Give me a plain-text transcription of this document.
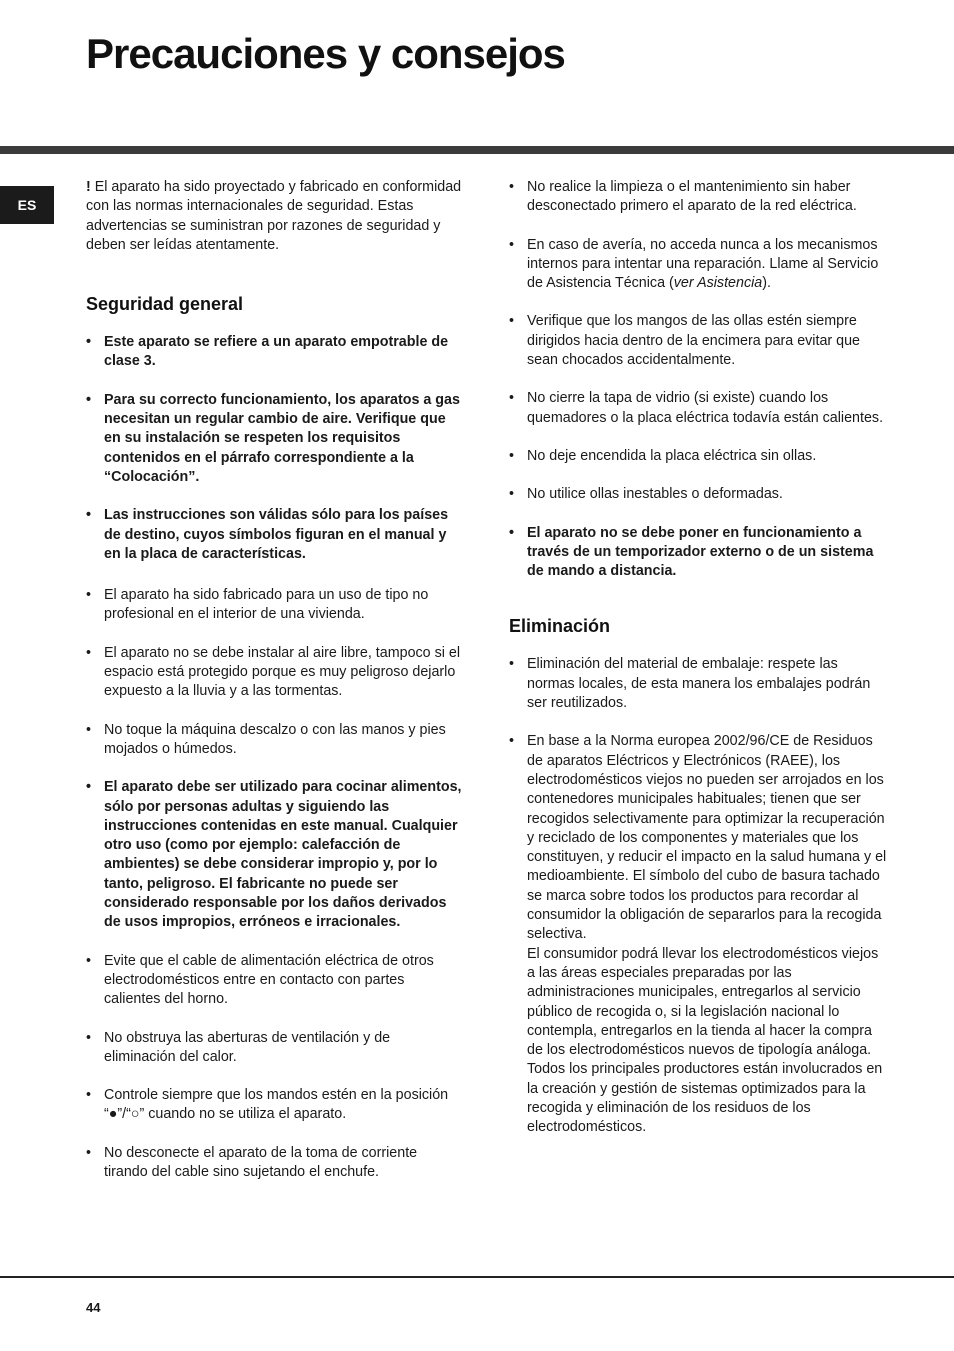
Precauciones y consejos
ES

! El aparato ha sido proyectado y fabricado en conformidad con las normas internacionales de seguridad. Estas advertencias se suministran por razones de seguridad y deben ser leídas atentamente.

Seguridad general
• Este aparato se refiere a un aparato empotrable de clase 3.
• Para su correcto funcionamiento, los aparatos a gas necesitan un regular cambio de aire. Verifique que en su instalación se respeten los requisitos contenidos en el párrafo correspondiente a la “Colocación”.
• Las instrucciones son válidas sólo para los países de destino, cuyos símbolos figuran en el manual y en la placa de características.
• El aparato ha sido fabricado para un uso de tipo no profesional en el interior de una vivienda.
• El aparato no se debe instalar al aire libre, tampoco si el espacio está protegido porque es muy peligroso dejarlo expuesto a la lluvia y a las tormentas.
• No toque la máquina descalzo o con las manos y pies mojados o húmedos.
• El aparato debe ser utilizado para cocinar alimentos, sólo por personas adultas y siguiendo las instrucciones contenidas en este manual. Cualquier otro uso (como por ejemplo: calefacción de ambientes) se debe considerar impropio y, por lo tanto, peligroso. El fabricante no puede ser considerado responsable por los daños derivados de usos impropios, erróneos e irracionales.
• Evite que el cable de alimentación eléctrica de otros electrodomésticos entre en contacto con partes calientes del horno.
• No obstruya las aberturas de ventilación y de eliminación del calor.
• Controle siempre que los mandos estén en la posición “●”/“○” cuando no se utiliza el aparato.
• No desconecte el aparato de la toma de corriente tirando del cable sino sujetando el enchufe.
• No realice la limpieza o el mantenimiento sin haber desconectado primero el aparato de la red eléctrica.
• En caso de avería, no acceda nunca a los mecanismos internos para intentar una reparación. Llame al Servicio de Asistencia Técnica (ver Asistencia).
• Verifique que los mangos de las ollas estén siempre dirigidos hacia dentro de la encimera para evitar que sean chocados accidentalmente.
• No cierre la tapa de vidrio (si existe) cuando los quemadores o la placa eléctrica todavía están calientes.
• No deje encendida la placa eléctrica sin ollas.
• No utilice ollas inestables o deformadas.
• El aparato no se debe poner en funcionamiento a través de un temporizador externo o de un sistema de mando a distancia.
Eliminación
• Eliminación del material de embalaje: respete las normas locales, de esta manera los embalajes podrán ser reutilizados.

• En base a la Norma europea 2002/96/CE de Residuos de aparatos Eléctricos y Electrónicos (RAEE), los electrodomésticos viejos no pueden ser arrojados en los contenedores municipales habituales; tienen que ser recogidos selectivamente para optimizar la recuperación y reciclado de los componentes y materiales que los constituyen, y reducir el impacto en la salud humana y el medioambiente. El símbolo del cubo de basura tachado se marca sobre todos los productos para recordar al consumidor la obligación de separarlos para la recogida selectiva.

El consumidor podrá llevar los electrodomésticos viejos a las áreas especiales preparadas por las administraciones municipales, entregarlos al servicio público de recogida o, si la legislación nacional lo contempla, entregarlos en la tienda al hacer la compra de los electrodomésticos nuevos de tipología análoga.

Todos los principales productores están involucrados en la creación y gestión de sistemas optimizados para la recogida y eliminación de los residuos de los electrodomésticos.

44
